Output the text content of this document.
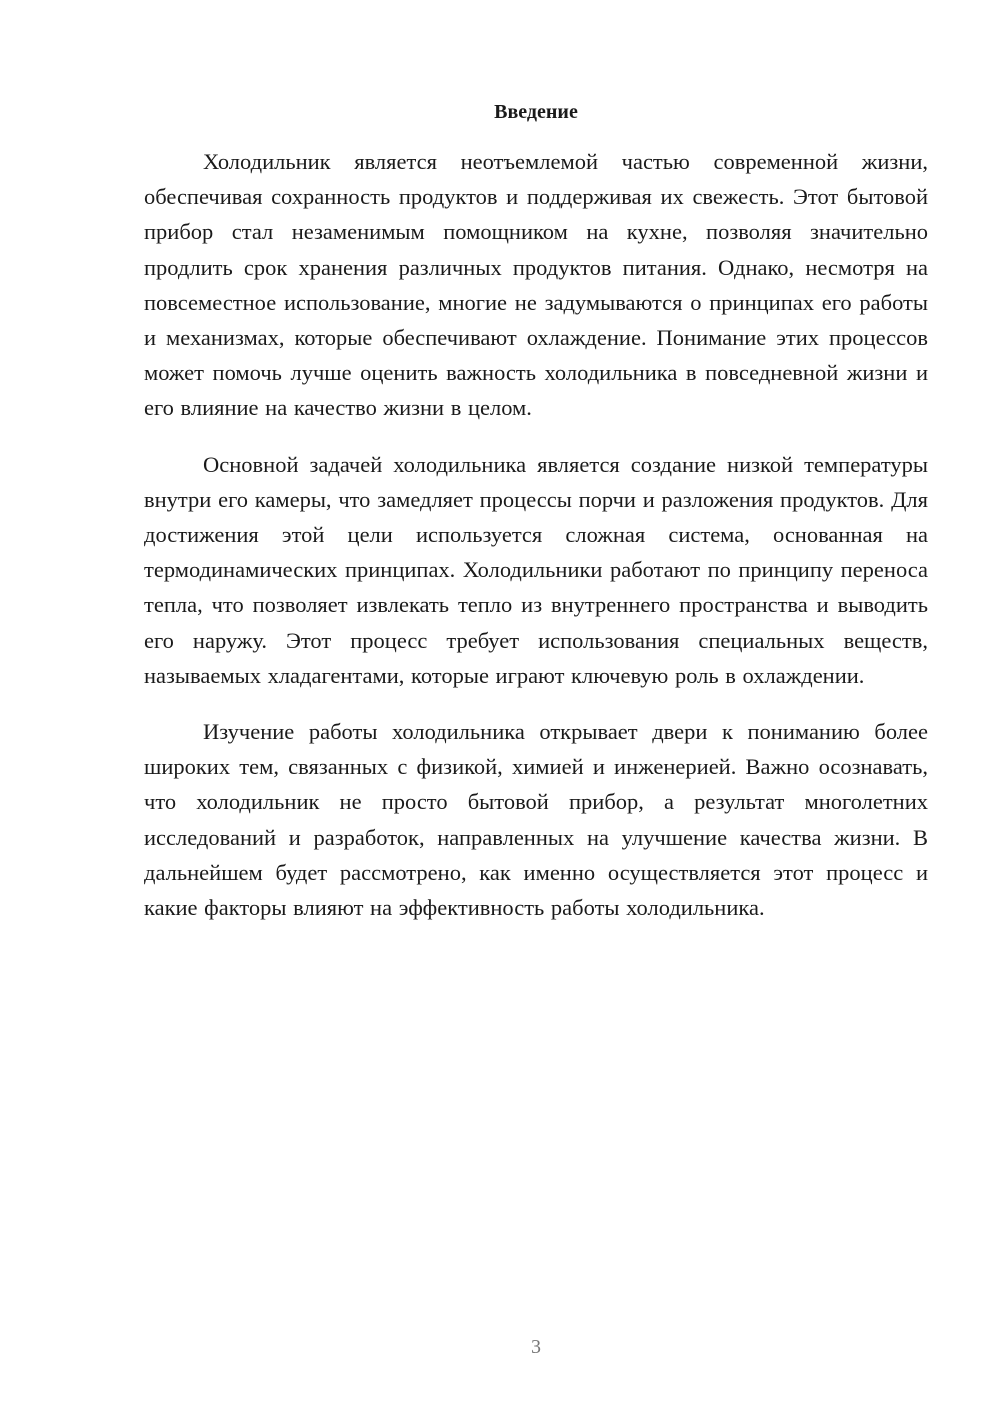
Введение

Холодильник является неотъемлемой частью современной жизни, обеспечивая сохранность продуктов и поддерживая их свежесть. Этот бытовой прибор стал незаменимым помощником на кухне, позволяя значительно продлить срок хранения различных продуктов питания. Однако, несмотря на повсеместное использование, многие не задумываются о принципах его работы и механизмах, которые обеспечивают охлаждение. Понимание этих процессов может помочь лучше оценить важность холодильника в повседневной жизни и его влияние на качество жизни в целом.

Основной задачей холодильника является создание низкой температуры внутри его камеры, что замедляет процессы порчи и разложения продуктов. Для достижения этой цели используется сложная система, основанная на термодинамических принципах. Холодильники работают по принципу переноса тепла, что позволяет извлекать тепло из внутреннего пространства и выводить его наружу. Этот процесс требует использования специальных веществ, называемых хладагентами, которые играют ключевую роль в охлаждении.

Изучение работы холодильника открывает двери к пониманию более широких тем, связанных с физикой, химией и инженерией. Важно осознавать, что холодильник не просто бытовой прибор, а результат многолетних исследований и разработок, направленных на улучшение качества жизни. В дальнейшем будет рассмотрено, как именно осуществляется этот процесс и какие факторы влияют на эффективность работы холодильника.

3
